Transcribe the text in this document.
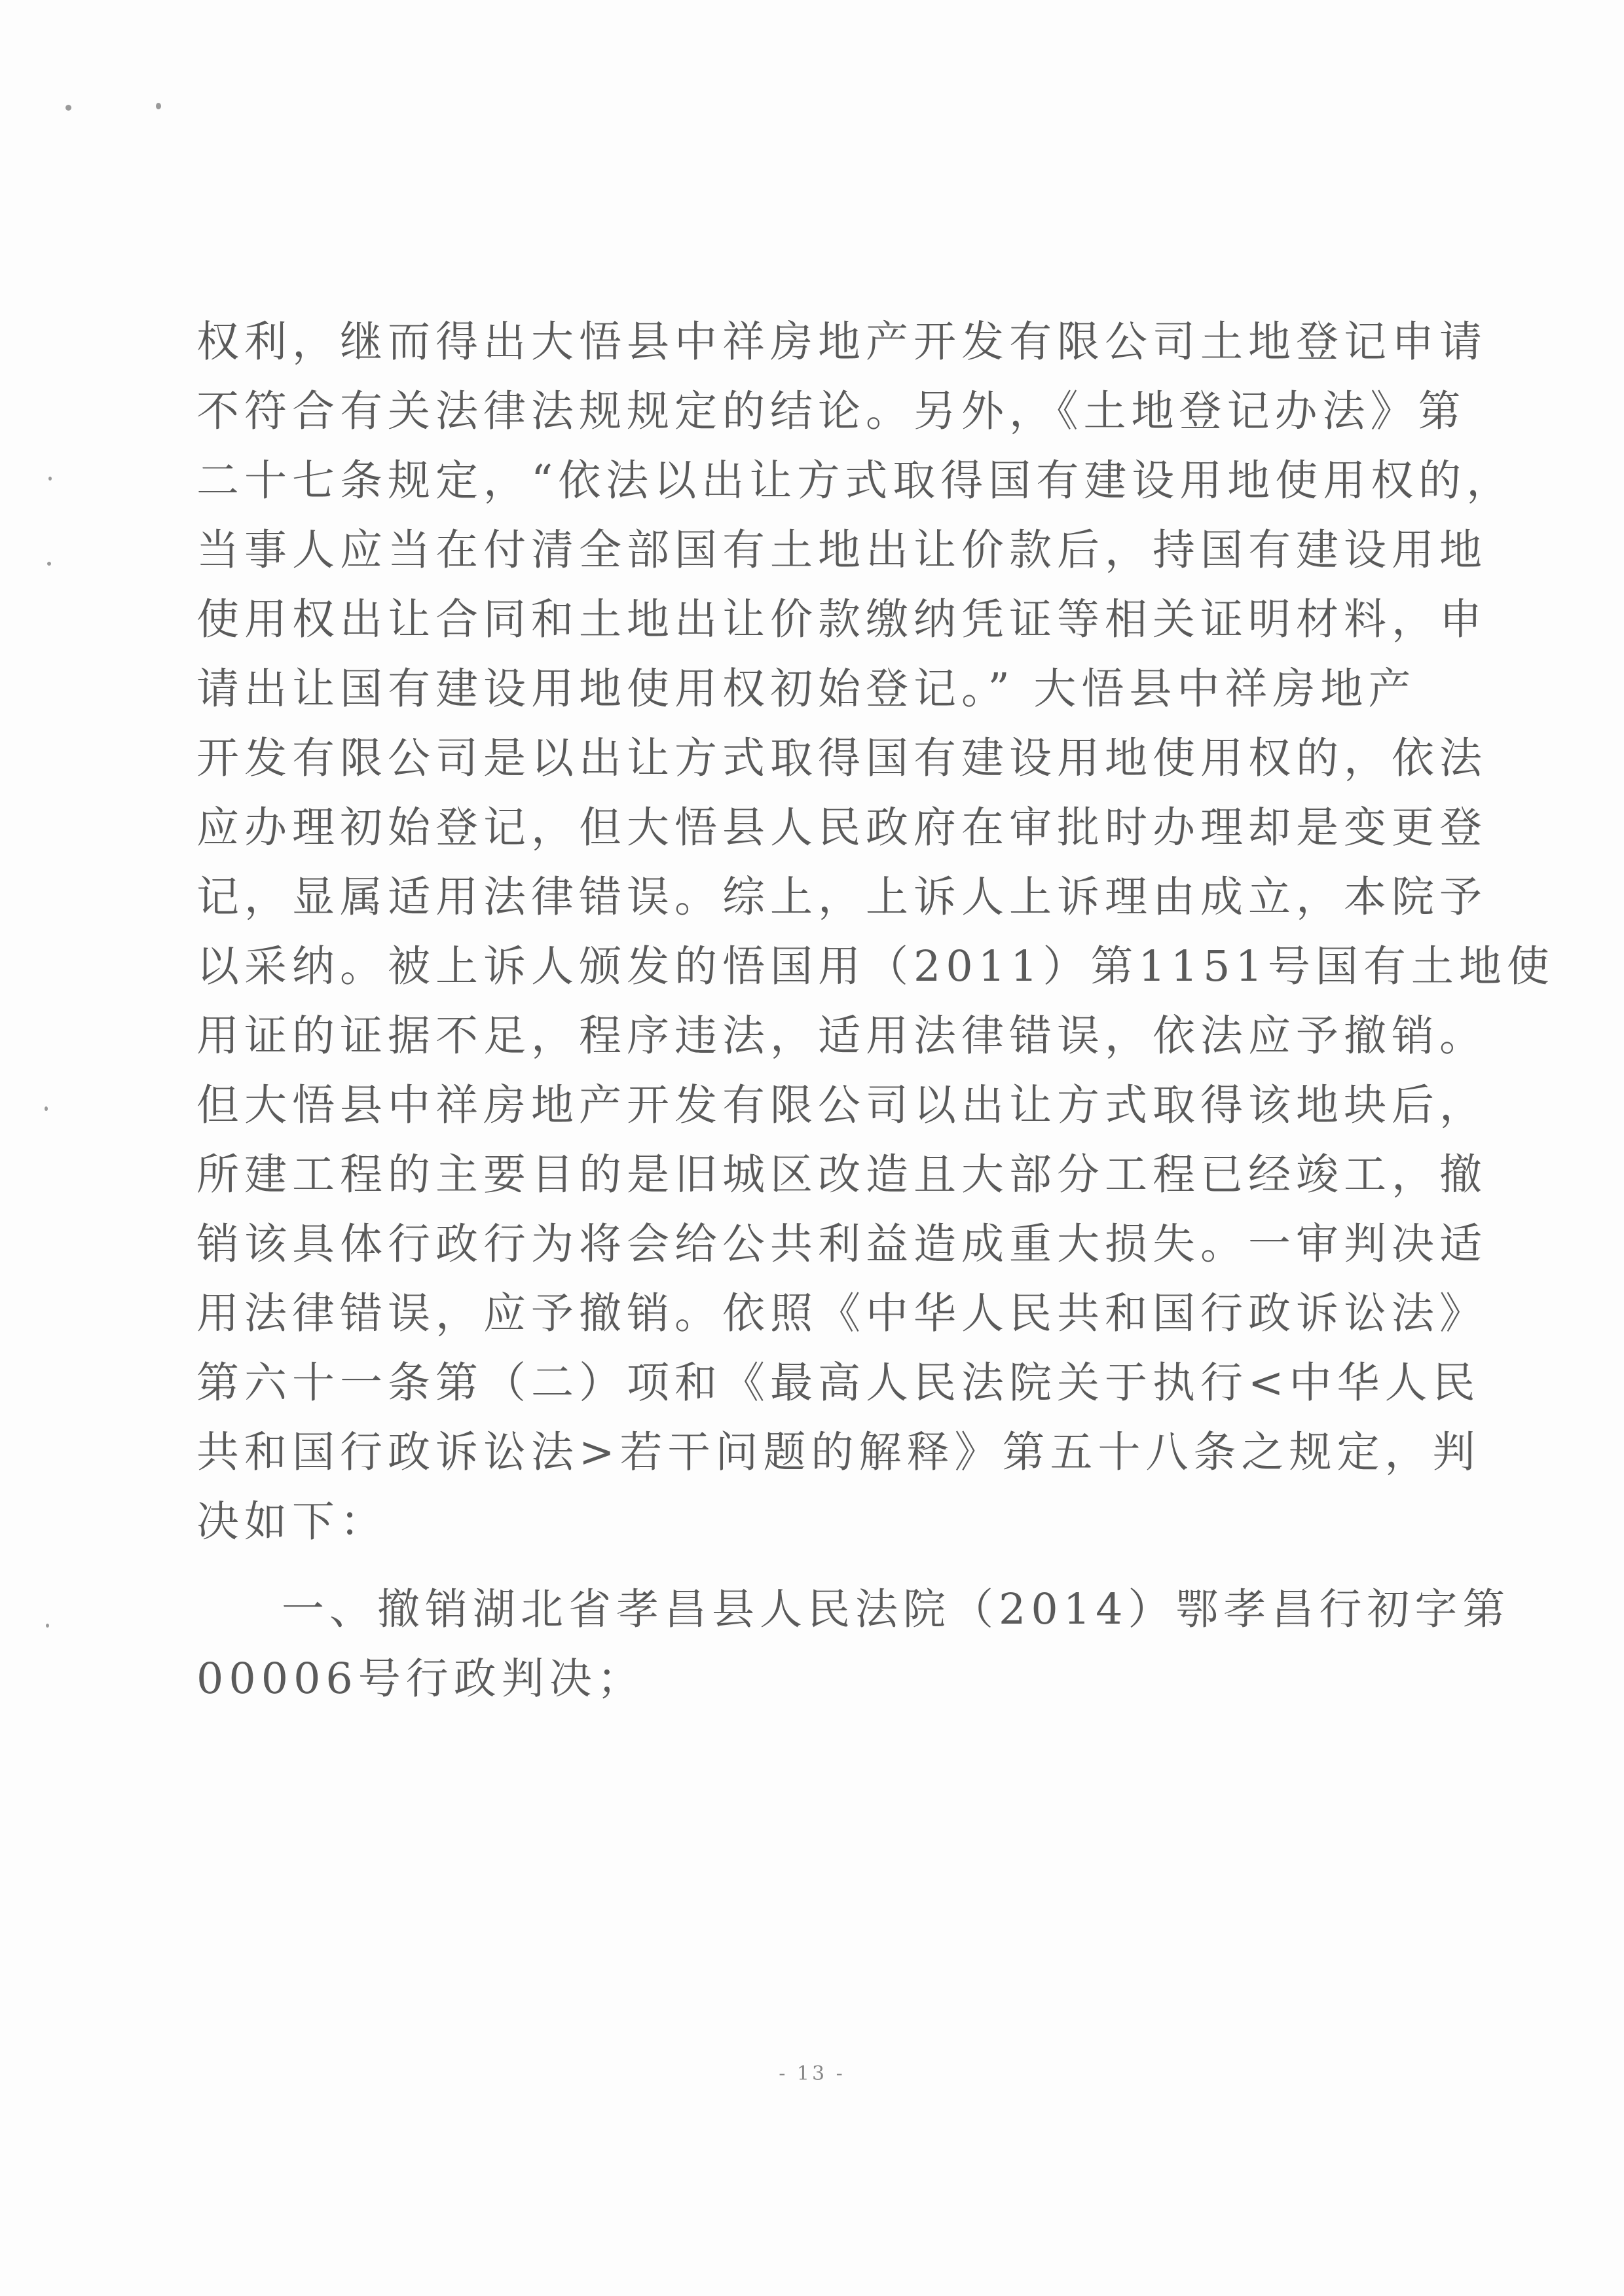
权利，继而得出大悟县中祥房地产开发有限公司土地登记申请
不符合有关法律法规规定的结论。另外，《土地登记办法》第
二十七条规定，“依法以出让方式取得国有建设用地使用权的，
当事人应当在付清全部国有土地出让价款后，持国有建设用地
使用权出让合同和土地出让价款缴纳凭证等相关证明材料，申
请出让国有建设用地使用权初始登记。” 大悟县中祥房地产
开发有限公司是以出让方式取得国有建设用地使用权的，依法
应办理初始登记，但大悟县人民政府在审批时办理却是变更登
记，显属适用法律错误。综上，上诉人上诉理由成立，本院予
以采纳。被上诉人颁发的悟国用（2011）第1151号国有土地使
用证的证据不足，程序违法，适用法律错误，依法应予撤销。
但大悟县中祥房地产开发有限公司以出让方式取得该地块后，
所建工程的主要目的是旧城区改造且大部分工程已经竣工，撤
销该具体行政行为将会给公共利益造成重大损失。一审判决适
用法律错误，应予撤销。依照《中华人民共和国行政诉讼法》
第六十一条第（二）项和《最高人民法院关于执行<中华人民
共和国行政诉讼法>若干问题的解释》第五十八条之规定，判
决如下：
一、撤销湖北省孝昌县人民法院（2014）鄂孝昌行初字第
00006号行政判决；
- 13 -
